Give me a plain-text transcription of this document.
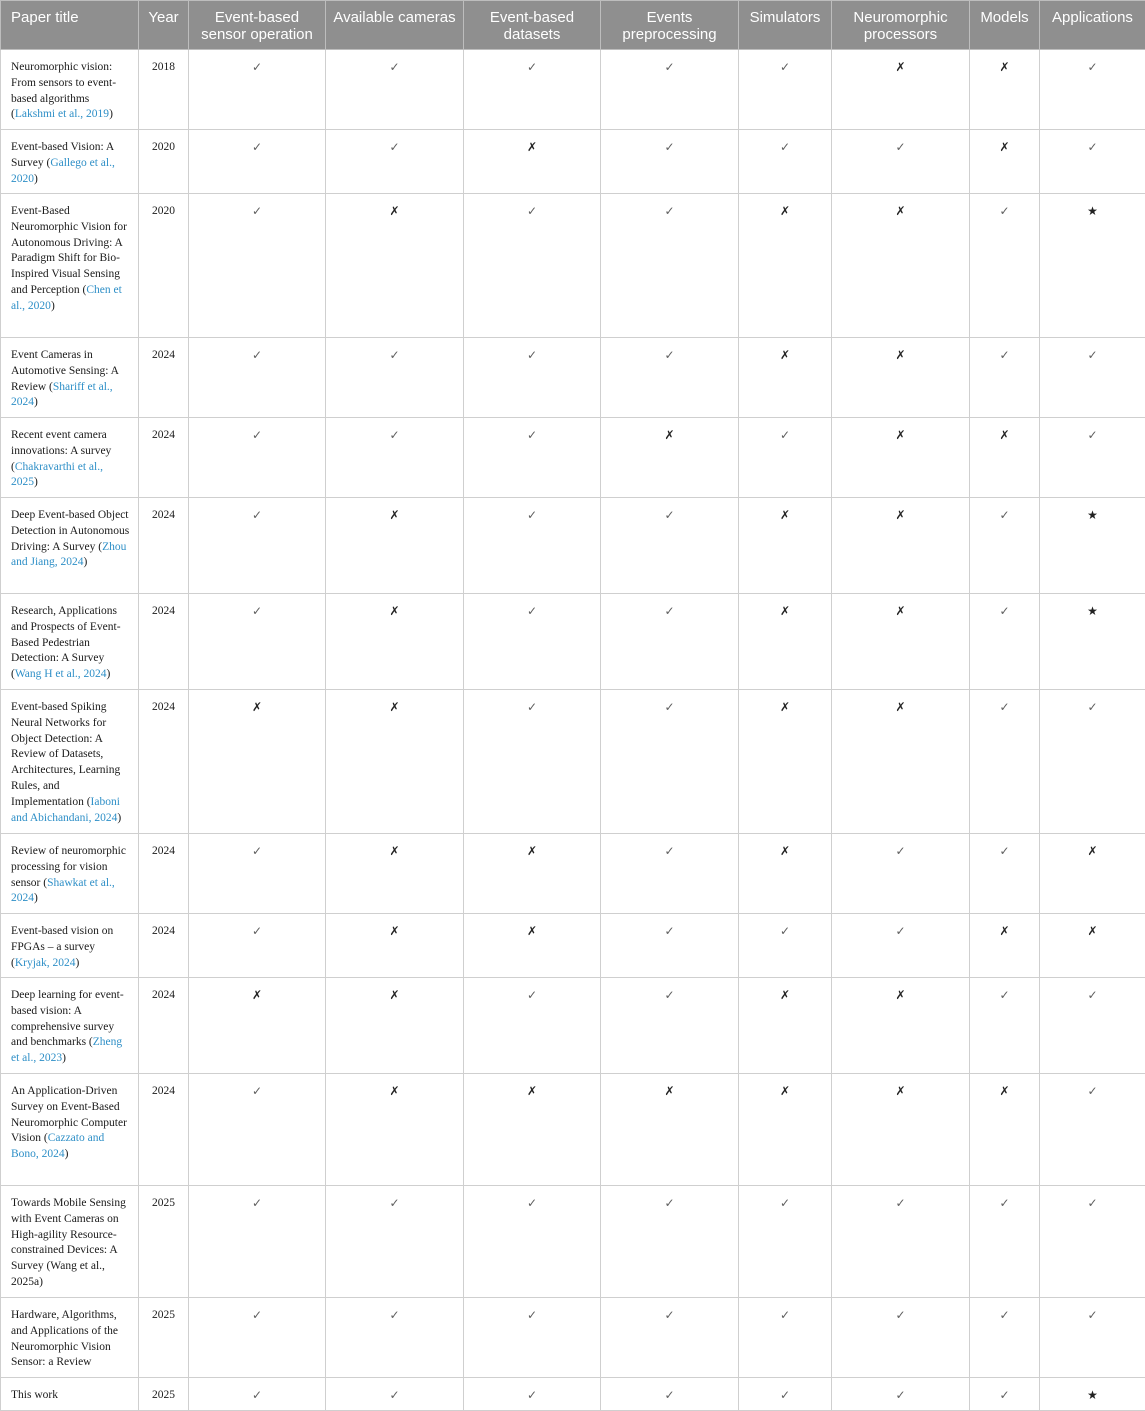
Paper title	Year	Event-based sensor operation	Available cameras	Event-based datasets	Events preprocessing	Simulators	Neuromorphic processors	Models	Applications

Neuromorphic vision: From sensors to event-based algorithms (Lakshmi et al., 2019)	2018	✓	✓	✓	✓	✓	✗	✗	✓
Event-based Vision: A Survey (Gallego et al., 2020)	2020	✓	✓	✗	✓	✓	✓	✗	✓
Event-Based Neuromorphic Vision for Autonomous Driving: A Paradigm Shift for Bio-Inspired Visual Sensing and Perception (Chen et al., 2020)	2020	✓	✗	✓	✓	✗	✗	✓	★
Event Cameras in Automotive Sensing: A Review (Shariff et al., 2024)	2024	✓	✓	✓	✓	✗	✗	✓	✓
Recent event camera innovations: A survey (Chakravarthi et al., 2025)	2024	✓	✓	✓	✗	✓	✗	✗	✓
Deep Event-based Object Detection in Autonomous Driving: A Survey (Zhou and Jiang, 2024)	2024	✓	✗	✓	✓	✗	✗	✓	★
Research, Applications and Prospects of Event-Based Pedestrian Detection: A Survey (Wang H et al., 2024)	2024	✓	✗	✓	✓	✗	✗	✓	★
Event-based Spiking Neural Networks for Object Detection: A Review of Datasets, Architectures, Learning Rules, and Implementation (Iaboni and Abichandani, 2024)	2024	✗	✗	✓	✓	✗	✗	✓	✓
Review of neuromorphic processing for vision sensor (Shawkat et al., 2024)	2024	✓	✗	✗	✓	✗	✓	✓	✗
Event-based vision on FPGAs – a survey (Kryjak, 2024)	2024	✓	✗	✗	✓	✓	✓	✗	✗
Deep learning for event-based vision: A comprehensive survey and benchmarks (Zheng et al., 2023)	2024	✗	✗	✓	✓	✗	✗	✓	✓
An Application-Driven Survey on Event-Based Neuromorphic Computer Vision (Cazzato and Bono, 2024)	2024	✓	✗	✗	✗	✗	✗	✗	✓
Towards Mobile Sensing with Event Cameras on High-agility Resource-constrained Devices: A Survey (Wang et al., 2025a)	2025	✓	✓	✓	✓	✓	✓	✓	✓
Hardware, Algorithms, and Applications of the Neuromorphic Vision Sensor: a Review	2025	✓	✓	✓	✓	✓	✓	✓	✓
This work	2025	✓	✓	✓	✓	✓	✓	✓	★
